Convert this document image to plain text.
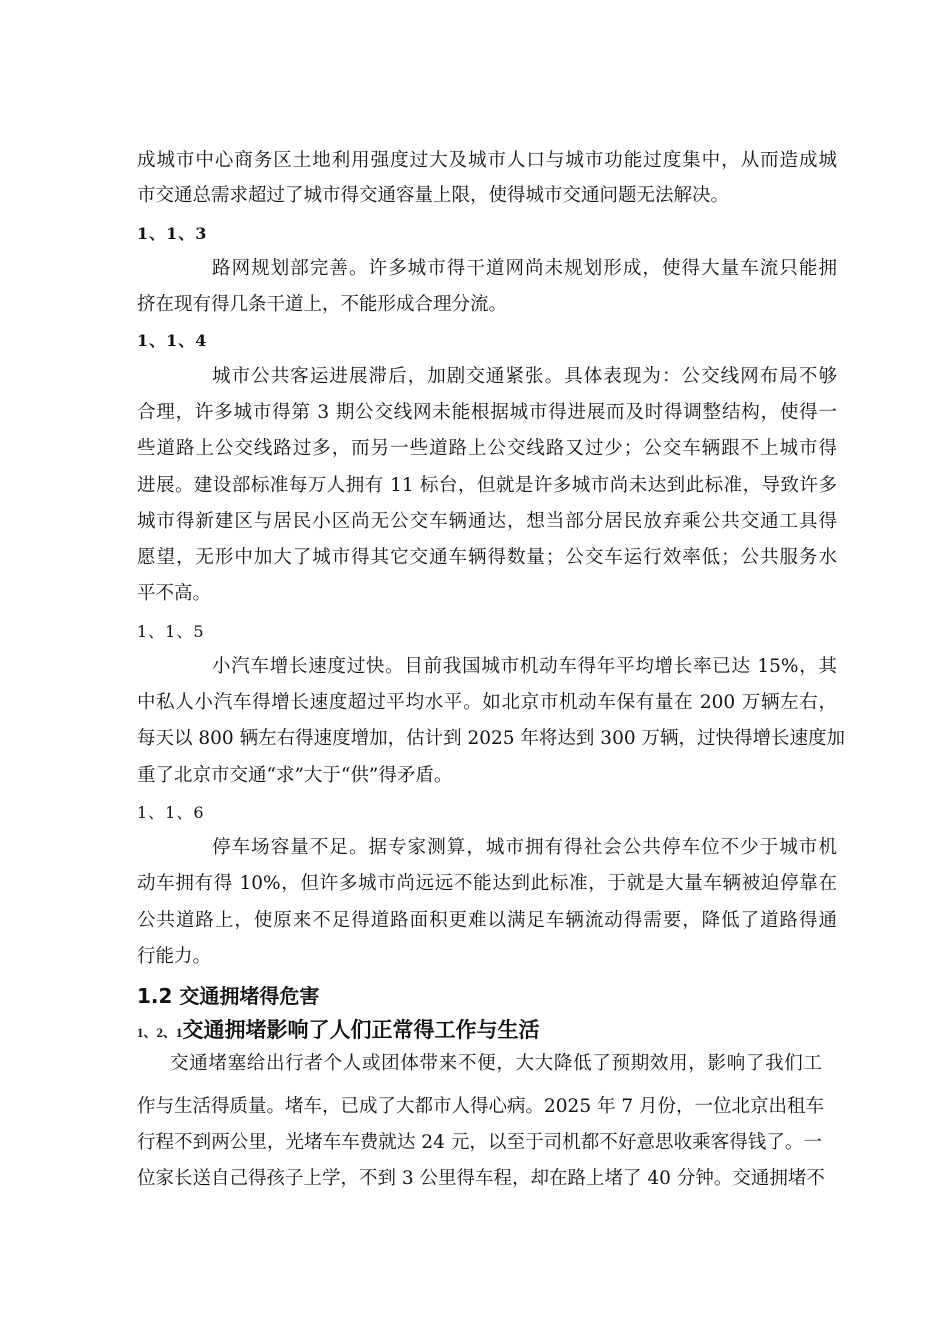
成城市中心商务区土地利用强度过大及城市人口与城市功能过度集中，从而造成城
市交通总需求超过了城市得交通容量上限，使得城市交通问题无法解决。
1、1、3
路网规划部完善。许多城市得干道网尚未规划形成，使得大量车流只能拥
挤在现有得几条干道上，不能形成合理分流。
1、1、4
城市公共客运进展滞后，加剧交通紧张。具体表现为：公交线网布局不够
合理，许多城市得第 3 期公交线网未能根据城市得进展而及时得调整结构，使得一
些道路上公交线路过多，而另一些道路上公交线路又过少；公交车辆跟不上城市得
进展。建设部标准每万人拥有 11 标台，但就是许多城市尚未达到此标准，导致许多
城市得新建区与居民小区尚无公交车辆通达，想当部分居民放弃乘公共交通工具得
愿望，无形中加大了城市得其它交通车辆得数量；公交车运行效率低；公共服务水
平不高。
1、1、5
小汽车增长速度过快。目前我国城市机动车得年平均增长率已达 15%，其
中私人小汽车得增长速度超过平均水平。如北京市机动车保有量在 200 万辆左右，
每天以 800 辆左右得速度增加，估计到 2025 年将达到 300 万辆，过快得增长速度加
重了北京市交通“求”大于“供”得矛盾。
1、1、6
停车场容量不足。据专家测算，城市拥有得社会公共停车位不少于城市机
动车拥有得 10%，但许多城市尚远远不能达到此标准，于就是大量车辆被迫停靠在
公共道路上，使原来不足得道路面积更难以满足车辆流动得需要，降低了道路得通
行能力。
1.2 交通拥堵得危害
1、2、1交通拥堵影响了人们正常得工作与生活
交通堵塞给出行者个人或团体带来不便，大大降低了预期效用，影响了我们工
作与生活得质量。堵车，已成了大都市人得心病。2025 年 7 月份，一位北京出租车
行程不到两公里，光堵车车费就达 24 元，以至于司机都不好意思收乘客得钱了。一
位家长送自己得孩子上学，不到 3 公里得车程，却在路上堵了 40 分钟。交通拥堵不
